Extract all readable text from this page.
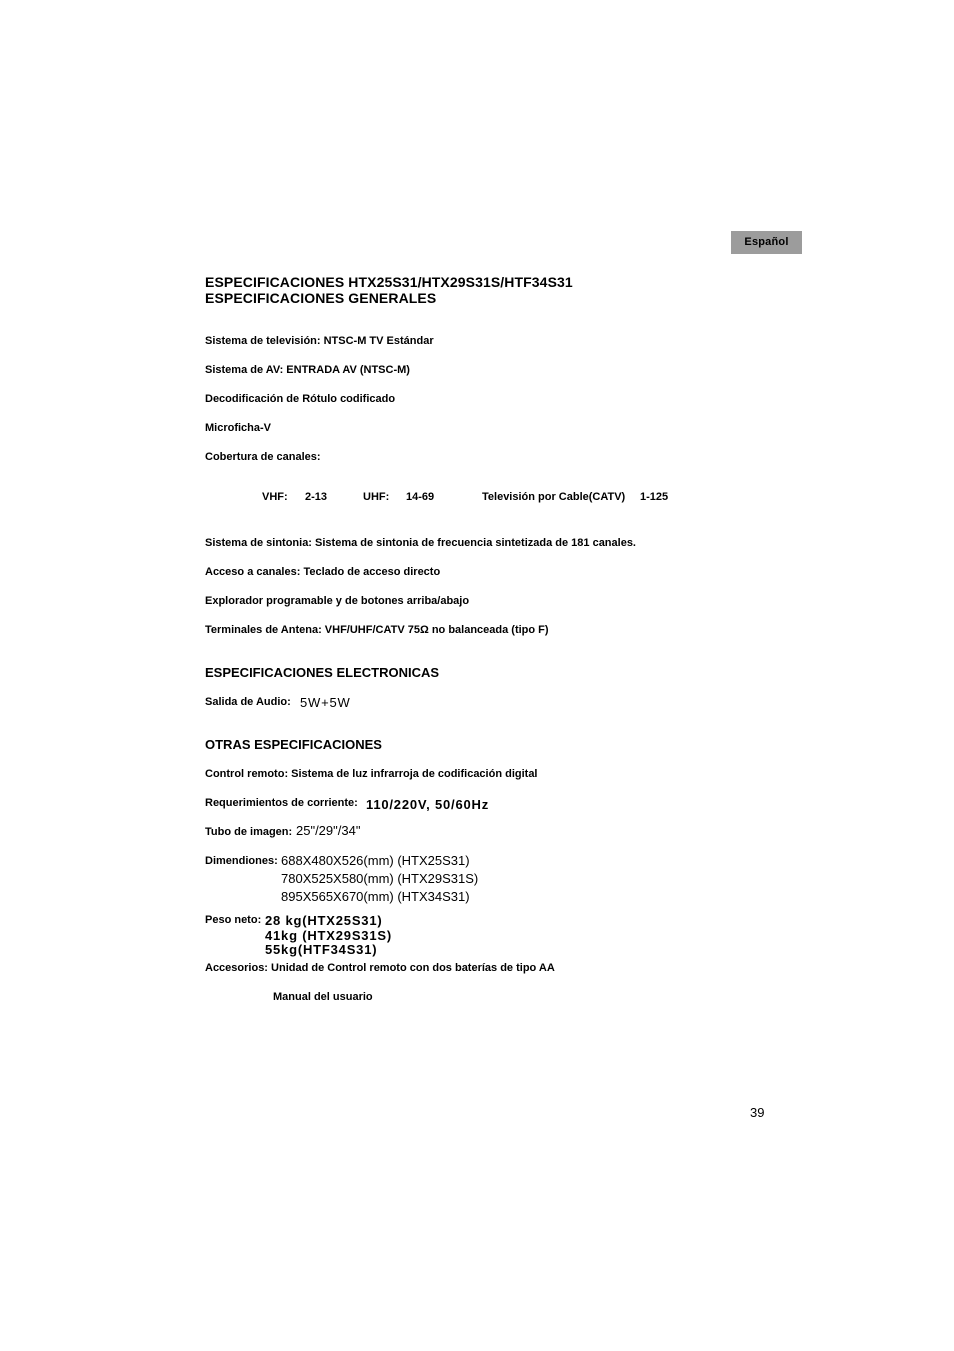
Español
ESPECIFICACIONES HTX25S31/HTX29S31S/HTF34S31
ESPECIFICACIONES GENERALES
Sistema de televisión: NTSC-M TV Estándar
Sistema de AV: ENTRADA AV (NTSC-M)
Decodificación de Rótulo codificado
Microficha-V
Cobertura de canales:
VHF: 2-13	UHF: 14-69	Televisión por Cable(CATV) 1-125
Sistema de sintonia: Sistema de sintonia de frecuencia sintetizada de 181 canales.
Acceso a canales: Teclado de acceso directo
Explorador programable y de botones arriba/abajo
Terminales de Antena: VHF/UHF/CATV 75Ω no balanceada (tipo F)
ESPECIFICACIONES ELECTRONICAS
Salida de Audio: 5W+5W
OTRAS ESPECIFICACIONES
Control remoto: Sistema de luz infrarroja de codificación digital
Requerimientos de corriente: 110/220V, 50/60Hz
Tubo de imagen: 25"/29"/34"
Dimendiones: 688X480X526(mm) (HTX25S31)
780X525X580(mm) (HTX29S31S)
895X565X670(mm) (HTX34S31)
Peso neto: 28 kg(HTX25S31)
41kg (HTX29S31S)
55kg(HTF34S31)
Accesorios: Unidad de Control remoto con dos baterías de tipo AA
Manual del usuario
39
